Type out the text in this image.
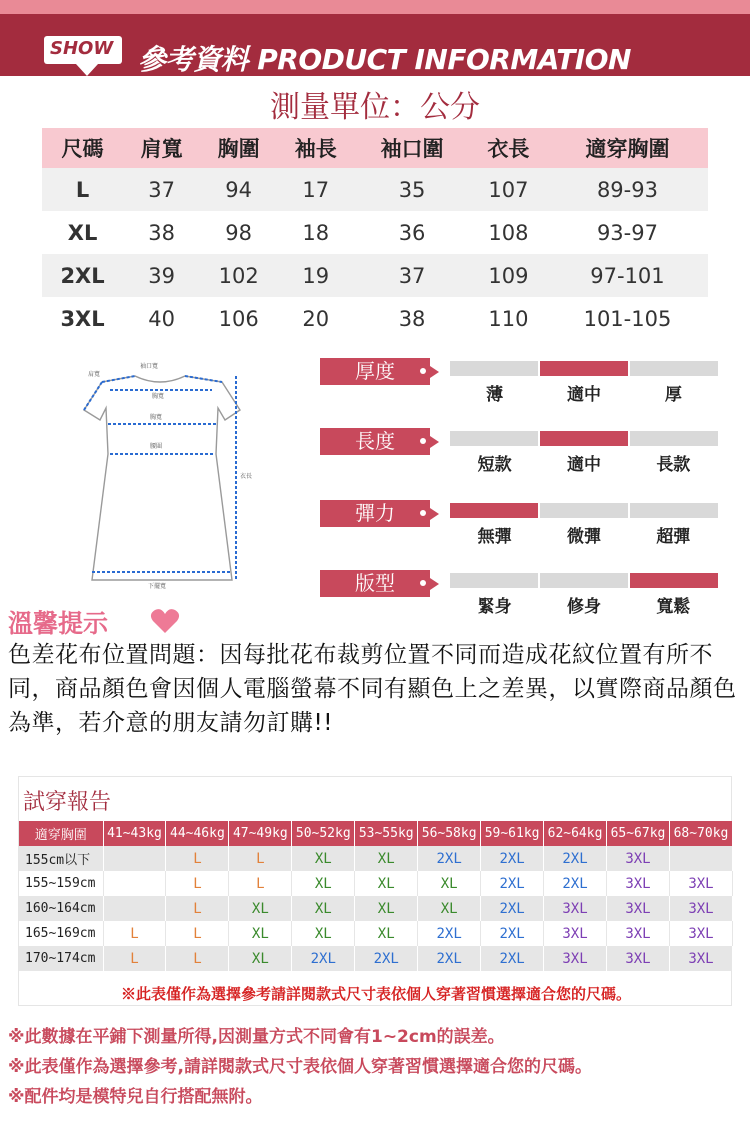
SHOW 參考資料 PRODUCT INFORMATION
測量單位：公分
尺碼	肩寬	胸圍	袖長	袖口圍	衣長	適穿胸圍
L	37	94	17	35	107	89-93
XL	38	98	18	36	108	93-97
2XL	39	102	19	37	109	97-101
3XL	40	106	20	38	110	101-105
肩寬
袖口寬
胸寬
胸寬
腰圍
衣長
下擺寬
厚度
薄	適中	厚
長度
短款	適中	長款
彈力
無彈	微彈	超彈
版型
緊身	修身	寬鬆
溫馨提示
色差花布位置問題：因每批花布裁剪位置不同而造成花紋位置有所不同，商品顏色會因個人電腦螢幕不同有顯色上之差異，以實際商品顏色為準，若介意的朋友請勿訂購!!
試穿報告
適穿胸圍	41~43kg	44~46kg	47~49kg	50~52kg	53~55kg	56~58kg	59~61kg	62~64kg	65~67kg	68~70kg
155cm以下		L	L	XL	XL	2XL	2XL	2XL	3XL	
155~159cm		L	L	XL	XL	XL	2XL	2XL	3XL	3XL
160~164cm		L	XL	XL	XL	XL	2XL	3XL	3XL	3XL
165~169cm	L	L	XL	XL	XL	2XL	2XL	3XL	3XL	3XL
170~174cm	L	L	XL	2XL	2XL	2XL	2XL	3XL	3XL	3XL
※此表僅作為選擇參考請詳閱款式尺寸表依個人穿著習慣選擇適合您的尺碼。
※此數據在平鋪下測量所得,因測量方式不同會有1~2cm的誤差。
※此表僅作為選擇參考,請詳閱款式尺寸表依個人穿著習慣選擇適合您的尺碼。
※配件均是模特兒自行搭配無附。
